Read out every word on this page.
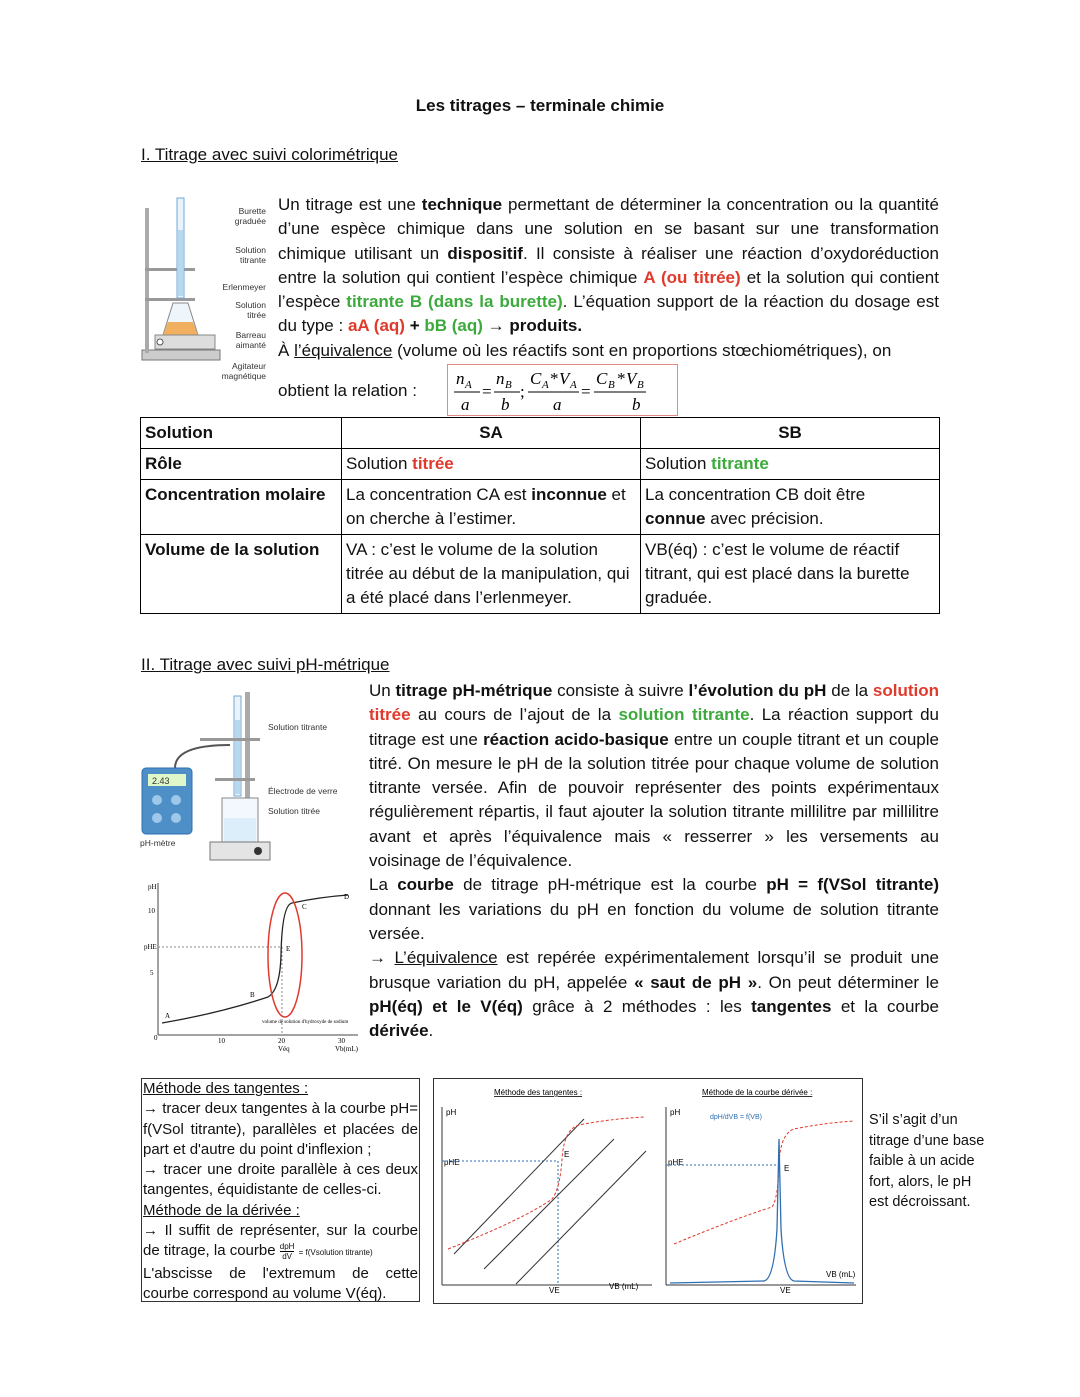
Les titrages – terminale chimie
I. Titrage avec suivi colorimétrique
Burette graduée
Solution titrante
Erlenmeyer
Solution titrée
Barreau aimanté
Agitateur magnétique
Un titrage est une technique permettant de déterminer la concentration ou la quantité d’une espèce chimique dans une solution en se basant sur une transformation chimique utilisant un dispositif. Il consiste à réaliser une réaction d’oxydoréduction entre la solution qui contient l’espèce chimique A (ou titrée) et la solution qui contient l’espèce titrante B (dans la burette). L’équation support de la réaction du dosage est du type : aA (aq) + bB (aq) → produits.
À l’équivalence (volume où les réactifs sont en proportions stœchiométriques), on
obtient la relation :
n A
a
=
n B
b
;
C A * V A
a
=
C B * V B
b
Solution	SA	SB
Rôle	Solution titrée	Solution titrante
Concentration molaire	La concentration CA est inconnue et on cherche à l’estimer.	La concentration CB doit être
connue avec précision.
Volume de la solution	VA : c’est le volume de la solution titrée au début de la manipulation, qui a été placé dans l’erlenmeyer.	VB(éq) : c’est le volume de réactif titrant, qui est placé dans la burette graduée.
II. Titrage avec suivi pH-métrique
2.43
Solution titrante
Électrode de verre
Solution titrée
pH-mètre
pH
10
pHE
5
0	10	20
Véq
30
Vb(mL)
volume de solution d'hydroxyde de sodium
A
B
C
D
E
Un titrage pH-métrique consiste à suivre l’évolution du pH de la solution titrée au cours de l’ajout de la solution titrante. La réaction support du titrage est une réaction acido-basique entre un couple titrant et un couple titré. On mesure le pH de la solution titrée pour chaque volume de solution titrante versée. Afin de pouvoir représenter des points expérimentaux régulièrement répartis, il faut ajouter la solution titrante millilitre par millilitre avant et après l’équivalence mais « resserrer » les versements au voisinage de l’équivalence.
La courbe de titrage pH-métrique est la courbe pH = f(VSol titrante) donnant les variations du pH en fonction du volume de solution titrante versée.
→ L’équivalence est repérée expérimentalement lorsqu’il se produit une brusque variation du pH, appelée « saut de pH ». On peut déterminer le pH(éq) et le V(éq) grâce à 2 méthodes : les tangentes et la courbe dérivée.
Méthode des tangentes :
→ tracer deux tangentes à la courbe pH= f(VSol titrante), parallèles et placées de part et d'autre du point d'inflexion ;
→ tracer une droite parallèle à ces deux tangentes, équidistante de celles-ci.
Méthode de la dérivée :
→ Il suffit de représenter, sur la courbe de titrage, la courbe dpH
dV = f(Vsolution titrante)
L'abscisse de l'extremum de cette courbe correspond au volume V(éq).
Méthode des tangentes :
pH
pHE
VE	VB (mL)
E
Méthode de la courbe dérivée :
pH
pHE
dpH/dVB = f(VB)
VE
VB (mL)
E
S’il s’agit d’un titrage d’une base faible à un acide fort, alors, le pH est décroissant.
